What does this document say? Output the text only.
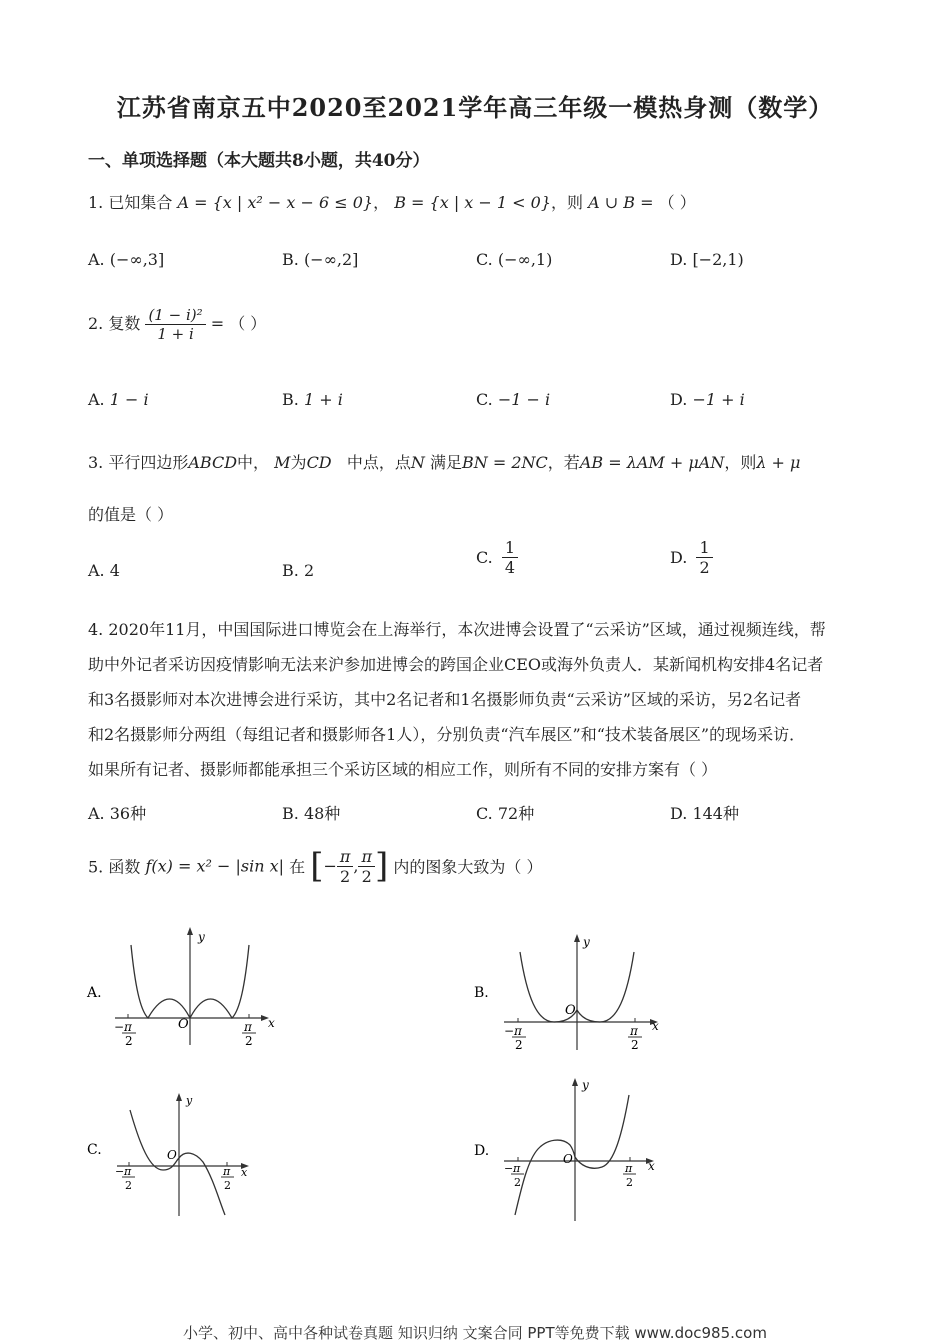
江苏省南京五中2020至2021学年高三年级一模热身测（数学）
一、单项选择题（本大题共8小题，共40分）
1. 已知集合 A = {x | x² − x − 6 ≤ 0}， B = {x | x − 1 < 0}，则 A ∪ B = （ ）
A. (−∞,3]	B. (−∞,2]	C. (−∞,1)	D. [−2,1)
2. 复数 $\frac{\text{(1 − i)²}}{1 + i}$ = （ ）
A. 1 − i	B. 1 + i	C. −1 − i	D. −1 + i
3. 平行四边形ABCD中， M为CD 中点，点N 满足BN = 2NC，若AB = λAM + μAN，则λ + μ
的值是（ ）
A. 4	B. 2
C. $\frac{1}{4}$	D. $\frac{1}{2}$
4. 2020年11月，中国国际进口博览会在上海举行，本次进博会设置了“云采访”区域，通过视频连线，帮
助中外记者采访因疫情影响无法来沪参加进博会的跨国企业CEO或海外负责人．某新闻机构安排4名记者
和3名摄影师对本次进博会进行采访，其中2名记者和1名摄影师负责“云采访”区域的采访，另2名记者
和2名摄影师分两组（每组记者和摄影师各1人），分别负责“汽车展区”和“技术装备展区”的现场采访．
如果所有记者、摄影师都能承担三个采访区域的相应工作，则所有不同的安排方案有（ ）
A. 36种	B. 48种	C. 72种	D. 144种
5. 函数 f(x) = x² − |sin x| 在 [− $\frac{\pi}{2}$ , $\frac{\pi}{2}$ ] 内的图象大致为（ ）
A.
y
x
O
− π
2
π
2
B.
y
x
O
− π
2
π
2
C.
y
x
O
− π
2
π
2
D.
y
x
O
− π
2
π
2
小学、初中、高中各种试卷真题 知识归纳 文案合同 PPT等免费下载 www.doc985.com
